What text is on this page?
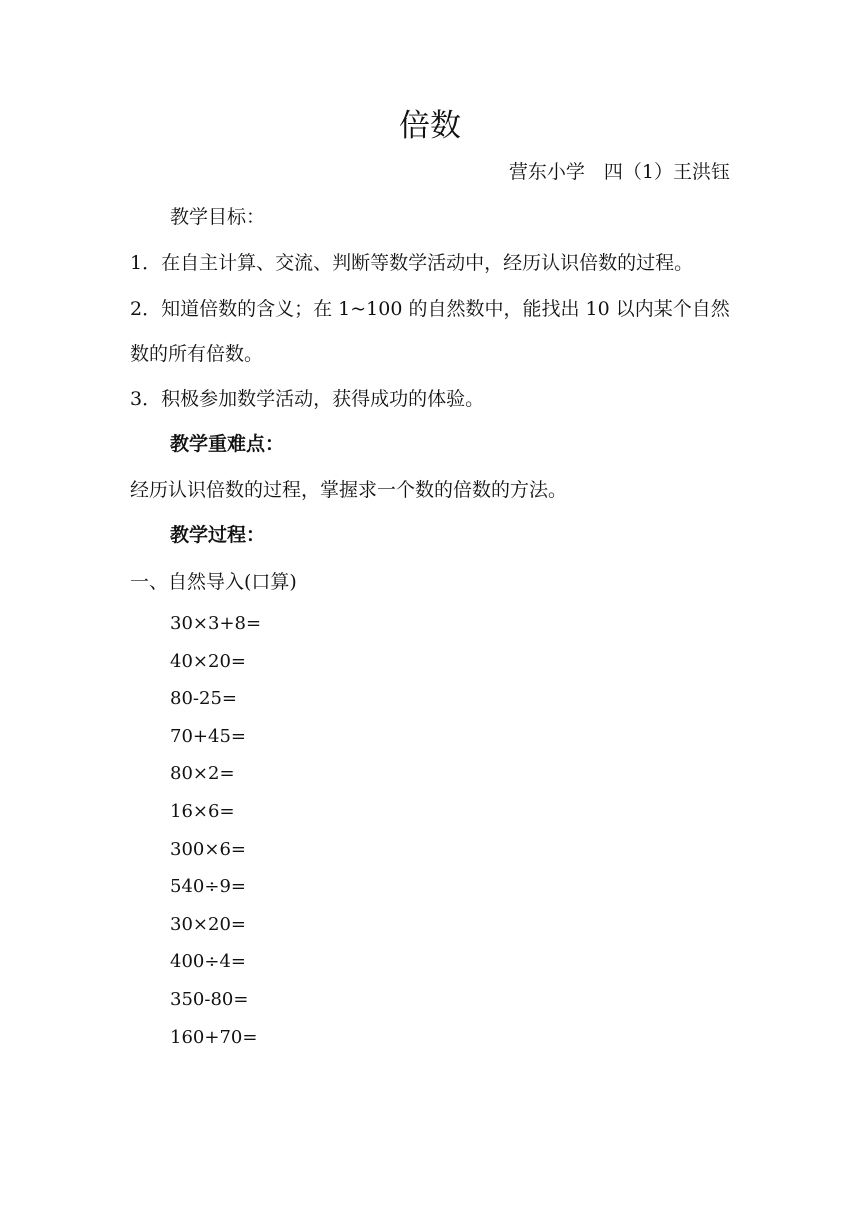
倍数
营东小学　四（1）王洪钰
教学目标：
1．在自主计算、交流、判断等数学活动中，经历认识倍数的过程。
2．知道倍数的含义；在 1~100 的自然数中，能找出 10 以内某个自然
数的所有倍数。
3．积极参加数学活动，获得成功的体验。
教学重难点：
经历认识倍数的过程，掌握求一个数的倍数的方法。
教学过程：
一、自然导入(口算)
30×3+8=
40×20=
80-25=
70+45=
80×2=
16×6=
300×6=
540÷9=
30×20=
400÷4=
350-80=
160+70=
